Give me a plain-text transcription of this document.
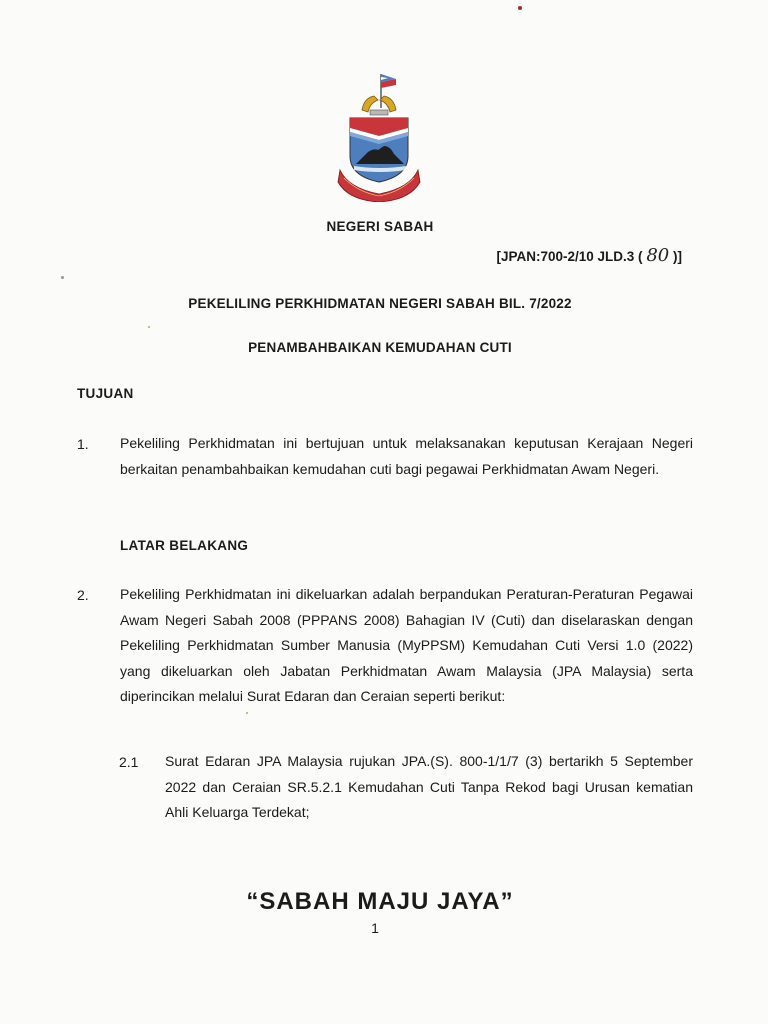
NEGERI SABAH
[JPAN:700-2/10 JLD.3 ( 80 )]
PEKELILING PERKHIDMATAN NEGERI SABAH BIL. 7/2022
PENAMBAHBAIKAN KEMUDAHAN CUTI
TUJUAN
1. Pekeliling Perkhidmatan ini bertujuan untuk melaksanakan keputusan Kerajaan Negeri berkaitan penambahbaikan kemudahan cuti bagi pegawai Perkhidmatan Awam Negeri.
LATAR BELAKANG
2. Pekeliling Perkhidmatan ini dikeluarkan adalah berpandukan Peraturan-Peraturan Pegawai Awam Negeri Sabah 2008 (PPPANS 2008) Bahagian IV (Cuti) dan diselaraskan dengan Pekeliling Perkhidmatan Sumber Manusia (MyPPSM) Kemudahan Cuti Versi 1.0 (2022) yang dikeluarkan oleh Jabatan Perkhidmatan Awam Malaysia (JPA Malaysia) serta diperincikan melalui Surat Edaran dan Ceraian seperti berikut:
2.1 Surat Edaran JPA Malaysia rujukan JPA.(S). 800-1/1/7 (3) bertarikh 5 September 2022 dan Ceraian SR.5.2.1 Kemudahan Cuti Tanpa Rekod bagi Urusan kematian Ahli Keluarga Terdekat;
“SABAH MAJU JAYA”
1
